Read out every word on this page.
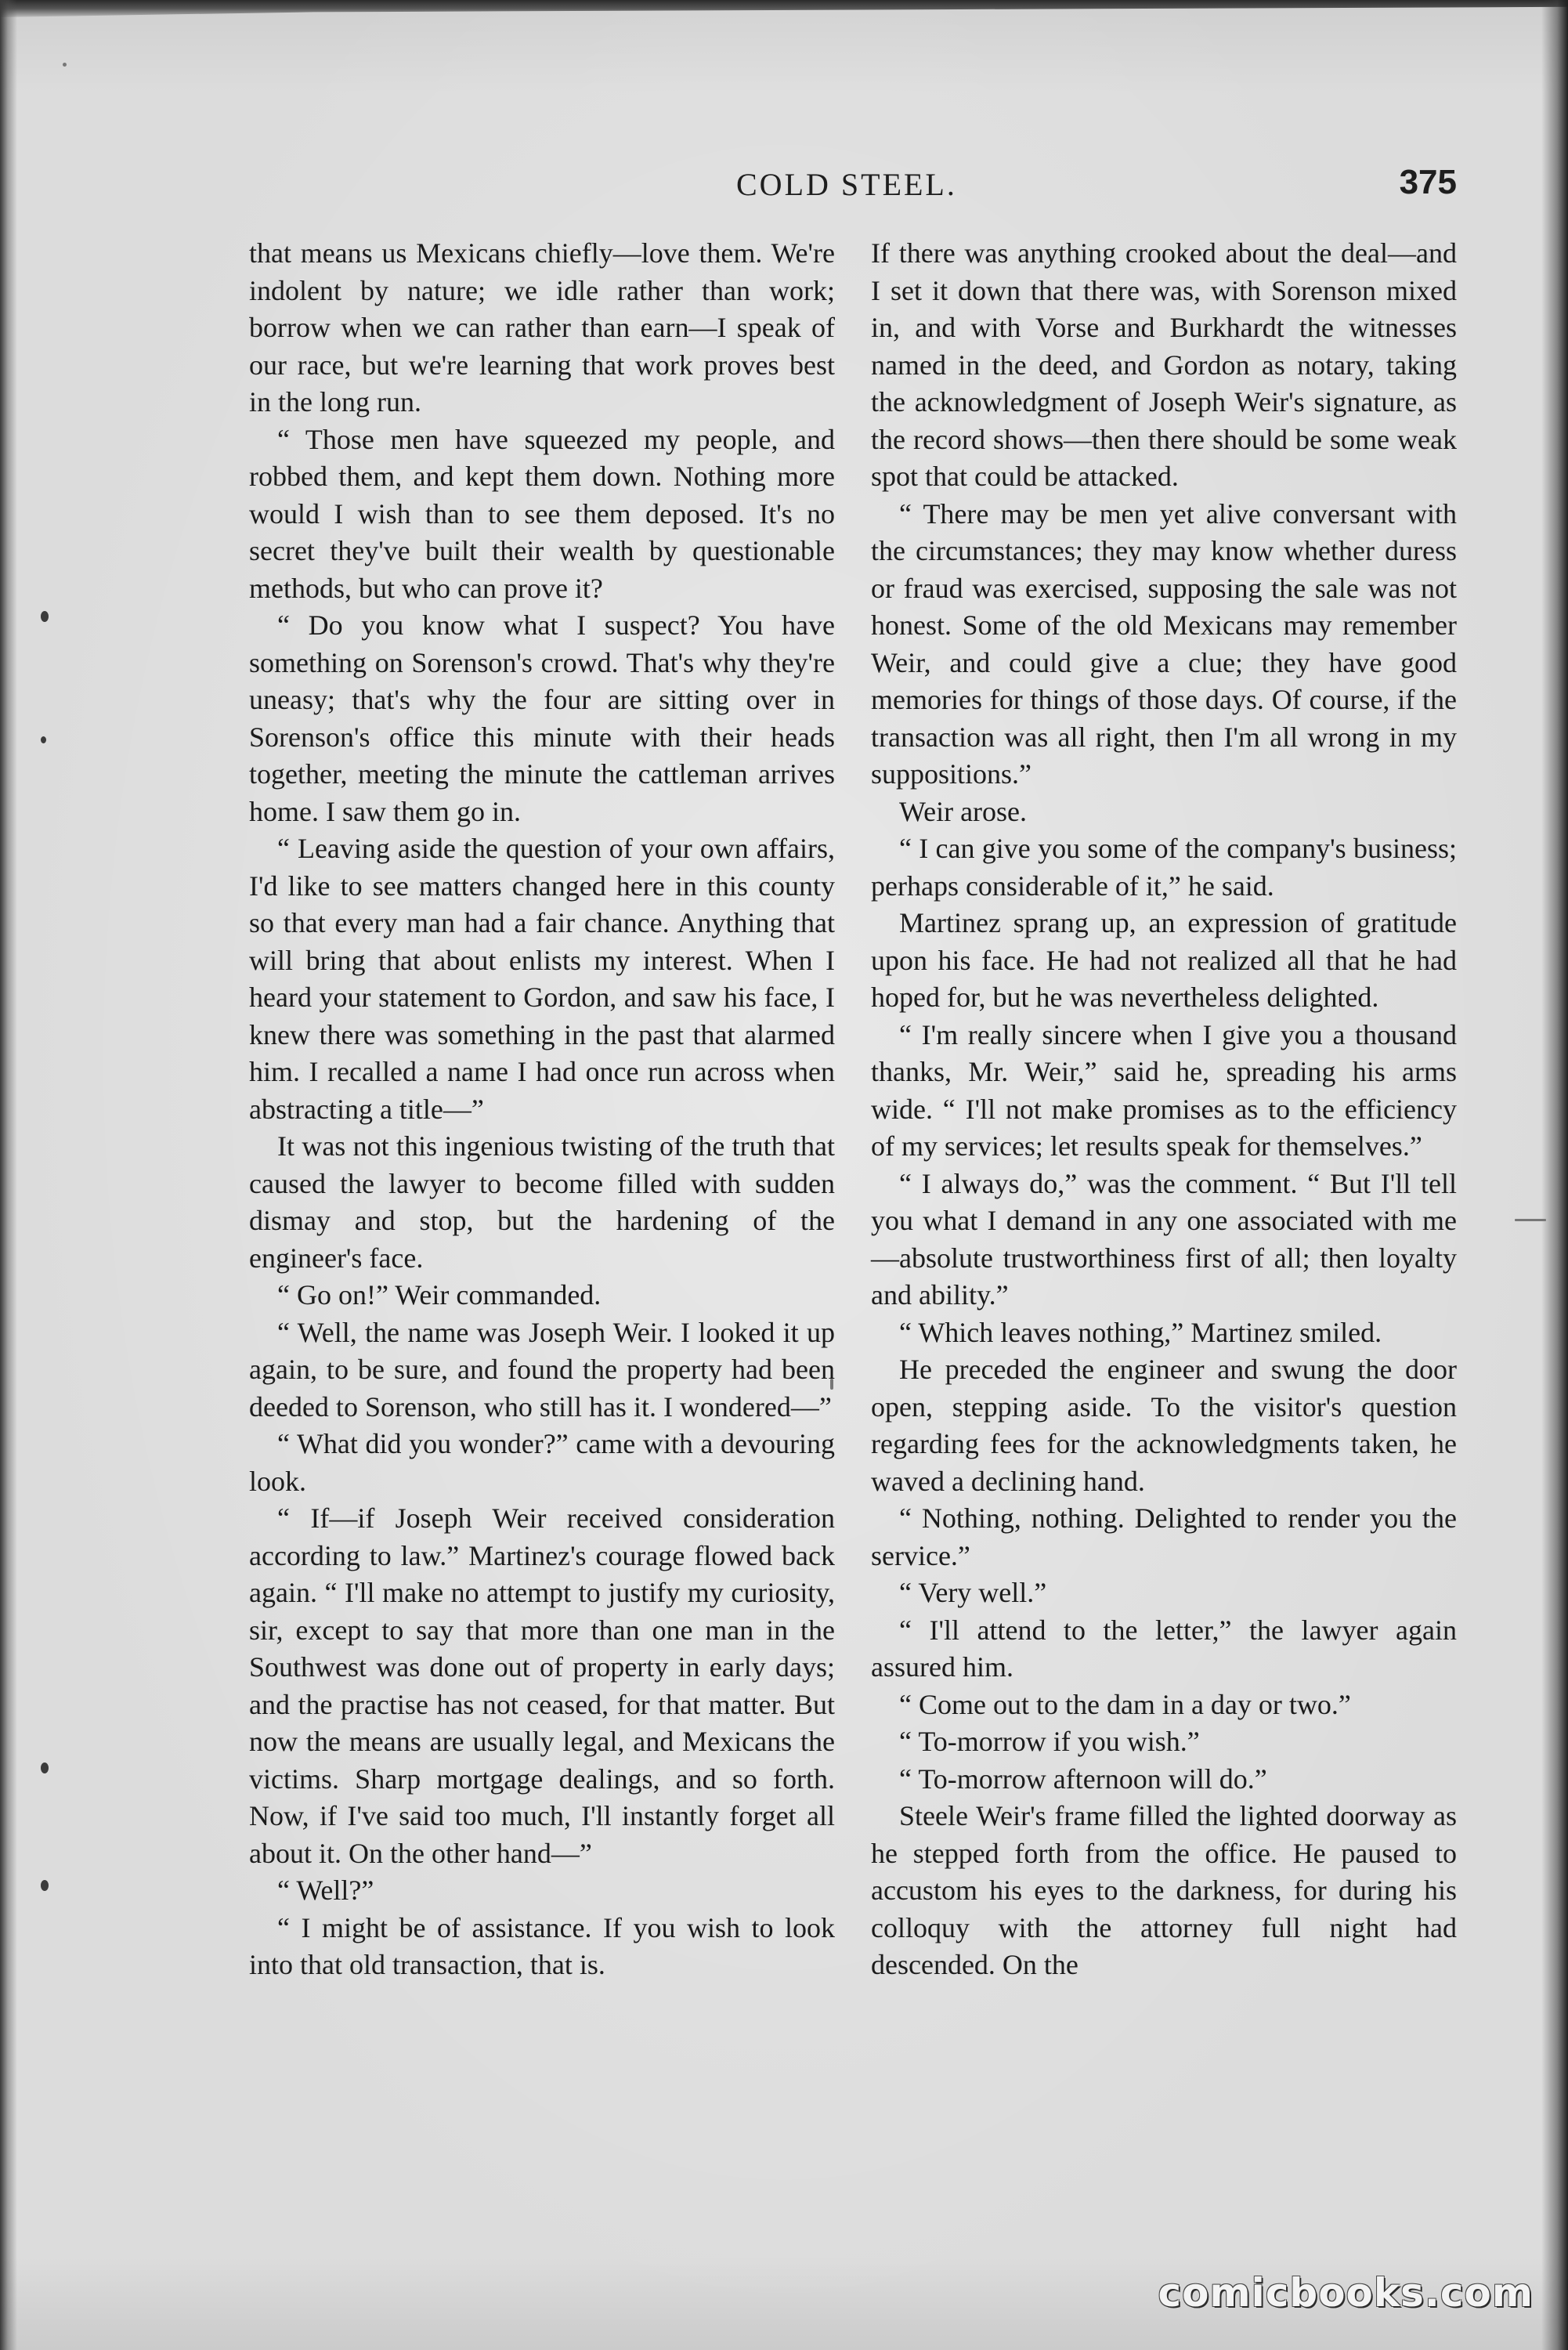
COLD STEEL.	375

that means us Mexicans chiefly—love them. We're indolent by nature; we idle rather than work; borrow when we can rather than earn—I speak of our race, but we're learning that work proves best in the long run.

“ Those men have squeezed my people, and robbed them, and kept them down. Nothing more would I wish than to see them deposed. It's no secret they've built their wealth by questionable methods, but who can prove it?

“ Do you know what I suspect? You have something on Sorenson's crowd. That's why they're uneasy; that's why the four are sitting over in Sorenson's office this minute with their heads together, meeting the minute the cattleman arrives home. I saw them go in.

“ Leaving aside the question of your own affairs, I'd like to see matters changed here in this county so that every man had a fair chance. Anything that will bring that about enlists my interest. When I heard your statement to Gordon, and saw his face, I knew there was something in the past that alarmed him. I recalled a name I had once run across when abstracting a title—”

It was not this ingenious twisting of the truth that caused the lawyer to become filled with sudden dismay and stop, but the hardening of the engineer's face.

“ Go on!” Weir commanded.

“ Well, the name was Joseph Weir. I looked it up again, to be sure, and found the property had been deeded to Sorenson, who still has it. I wondered—”

“ What did you wonder?” came with a devouring look.

“ If—if Joseph Weir received consideration according to law.” Martinez's courage flowed back again. “ I'll make no attempt to justify my curiosity, sir, except to say that more than one man in the Southwest was done out of property in early days; and the practise has not ceased, for that matter. But now the means are usually legal, and Mexicans the victims. Sharp mortgage dealings, and so forth. Now, if I've said too much, I'll instantly forget all about it. On the other hand—”

“ Well?”

“ I might be of assistance. If you wish to look into that old transaction, that is.

If there was anything crooked about the deal—and I set it down that there was, with Sorenson mixed in, and with Vorse and Burkhardt the witnesses named in the deed, and Gordon as notary, taking the acknowledgment of Joseph Weir's signature, as the record shows—then there should be some weak spot that could be attacked.

“ There may be men yet alive conversant with the circumstances; they may know whether duress or fraud was exercised, supposing the sale was not honest. Some of the old Mexicans may remember Weir, and could give a clue; they have good memories for things of those days. Of course, if the transaction was all right, then I'm all wrong in my suppositions.”

Weir arose.

“ I can give you some of the company's business; perhaps considerable of it,” he said.

Martinez sprang up, an expression of gratitude upon his face. He had not realized all that he had hoped for, but he was nevertheless delighted.

“ I'm really sincere when I give you a thousand thanks, Mr. Weir,” said he, spreading his arms wide. “ I'll not make promises as to the efficiency of my services; let results speak for themselves.”

“ I always do,” was the comment. “ But I'll tell you what I demand in any one associated with me—absolute trustworthiness first of all; then loyalty and ability.”

“ Which leaves nothing,” Martinez smiled.

He preceded the engineer and swung the door open, stepping aside. To the visitor's question regarding fees for the acknowledgments taken, he waved a declining hand.

“ Nothing, nothing. Delighted to render you the service.”

“ Very well.”

“ I'll attend to the letter,” the lawyer again assured him.

“ Come out to the dam in a day or two.”

“ To-morrow if you wish.”

“ To-morrow afternoon will do.”

Steele Weir's frame filled the lighted doorway as he stepped forth from the office. He paused to accustom his eyes to the darkness, for during his colloquy with the attorney full night had descended. On the

comicbooks.com
